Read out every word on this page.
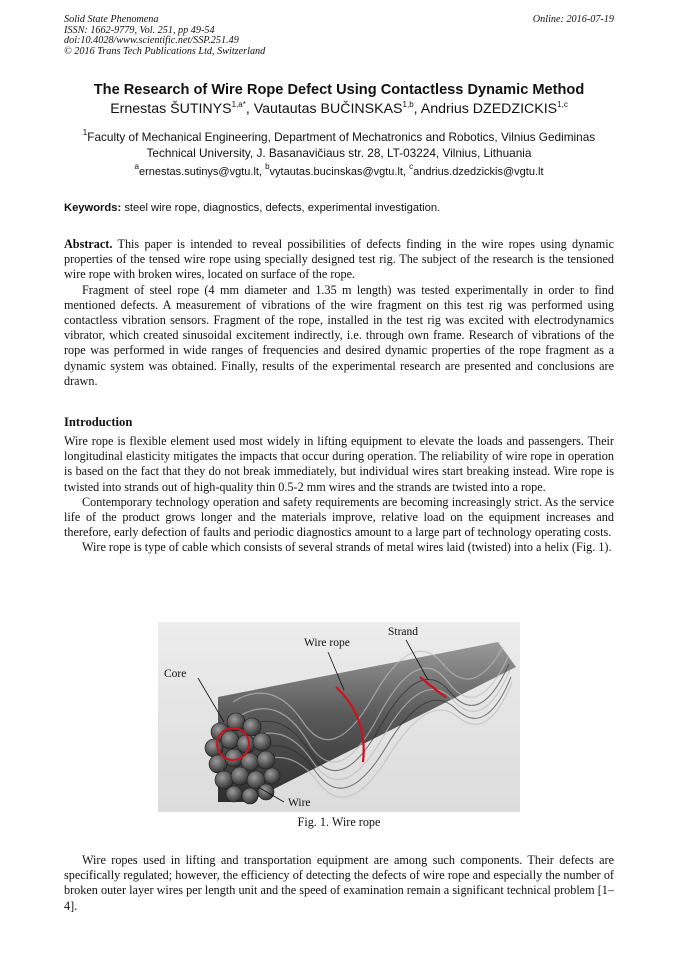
Solid State Phenomena
ISSN: 1662-9779, Vol. 251, pp 49-54
doi:10.4028/www.scientific.net/SSP.251.49
© 2016 Trans Tech Publications Ltd, Switzerland
Online: 2016-07-19
The Research of Wire Rope Defect Using Contactless Dynamic Method
Ernestas $ŠUTINYS^{1,a*}$, Vautautas BUČINSKAS$^{1,b}$, Andrius DZEDZICKIS$^{1,c}$
$^1$Faculty of Mechanical Engineering, Department of Mechatronics and Robotics, Vilnius Gediminas Technical University, J. Basanavičiaus str. 28, LT-03224, Vilnius, Lithuania
$^a$ernestas.sutinys@vgtu.lt, $^b$vytautas.bucinskas@vgtu.lt, $^c$andrius.dzedzickis@vgtu.lt
Keywords: steel wire rope, diagnostics, defects, experimental investigation.

Abstract. This paper is intended to reveal possibilities of defects finding in the wire ropes using dynamic properties of the tensed wire rope using specially designed test rig. The subject of the research is the tensioned wire rope with broken wires, located on surface of the rope.

Fragment of steel rope (4 mm diameter and 1.35 m length) was tested experimentally in order to find mentioned defects. A measurement of vibrations of the wire fragment on this test rig was performed using contactless vibration sensors. Fragment of the rope, installed in the test rig was excited with electrodynamics vibrator, which created sinusoidal excitement indirectly, i.e. through own frame. Research of vibrations of the rope was performed in wide ranges of frequencies and desired dynamic properties of the rope fragment as a dynamic system was obtained. Finally, results of the experimental research are presented and conclusions are drawn.

Introduction

Wire rope is flexible element used most widely in lifting equipment to elevate the loads and passengers. Their longitudinal elasticity mitigates the impacts that occur during operation. The reliability of wire rope in operation is based on the fact that they do not break immediately, but individual wires start breaking instead. Wire rope is twisted into strands out of high-quality thin 0.5-2 mm wires and the strands are twisted into a rope.

Contemporary technology operation and safety requirements are becoming increasingly strict. As the service life of the product grows longer and the materials improve, relative load on the equipment increases and therefore, early defection of faults and periodic diagnostics amount to a large part of technology operating costs.

Wire rope is type of cable which consists of several strands of metal wires laid (twisted) into a helix (Fig. 1).

Core
Wire rope
Strand
Wire
Fig. 1. Wire rope

Wire ropes used in lifting and transportation equipment are among such components. Their defects are specifically regulated; however, the efficiency of detecting the defects of wire rope and especially the number of broken outer layer wires per length unit and the speed of examination remain a significant technical problem [1–4].
